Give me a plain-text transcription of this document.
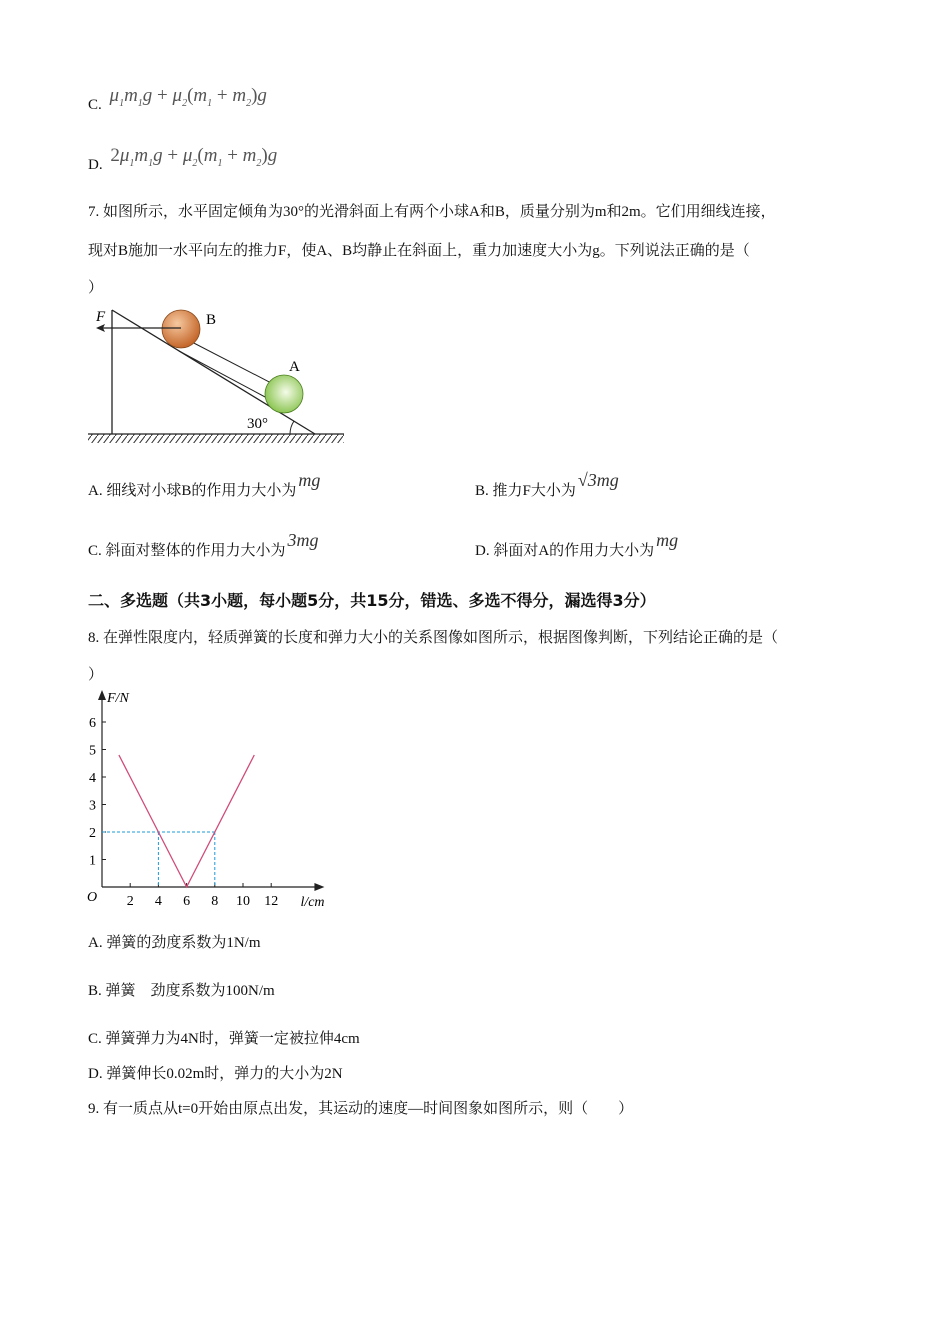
C. $\mu_1m_1g + \mu_2(m_1 + m_2)g$
D. $2\mu_1m_1g + \mu_2(m_1 + m_2)g$
7. 如图所示，水平固定倾角为30°的光滑斜面上有两个小球A和B，质量分别为m和2m。它们用细线连接，
现对B施加一水平向左的推力F，使A、B均静止在斜面上，重力加速度大小为g。下列说法正确的是（
）
30°
B
F
A
A. 细线对小球B的作用力大小为mg
B. 推力F大小为√3mg
C. 斜面对整体的作用力大小为3mg
D. 斜面对A的作用力大小为mg
二、多选题（共3小题，每小题5分，共15分，错选、多选不得分，漏选得3分）
8. 在弹性限度内，轻质弹簧的长度和弹力大小的关系图像如图所示，根据图像判断，下列结论正确的是（
）
F/N
l/cm
O 2 4 6 8 10 12
1
2
3
4
5
6
A. 弹簧的劲度系数为1N/m
B. 弹簧　劲度系数为100N/m
C. 弹簧弹力为4N时，弹簧一定被拉伸4cm
D. 弹簧伸长0.02m时，弹力的大小为2N
9. 有一质点从t=0开始由原点出发，其运动的速度—时间图象如图所示，则（　　）
